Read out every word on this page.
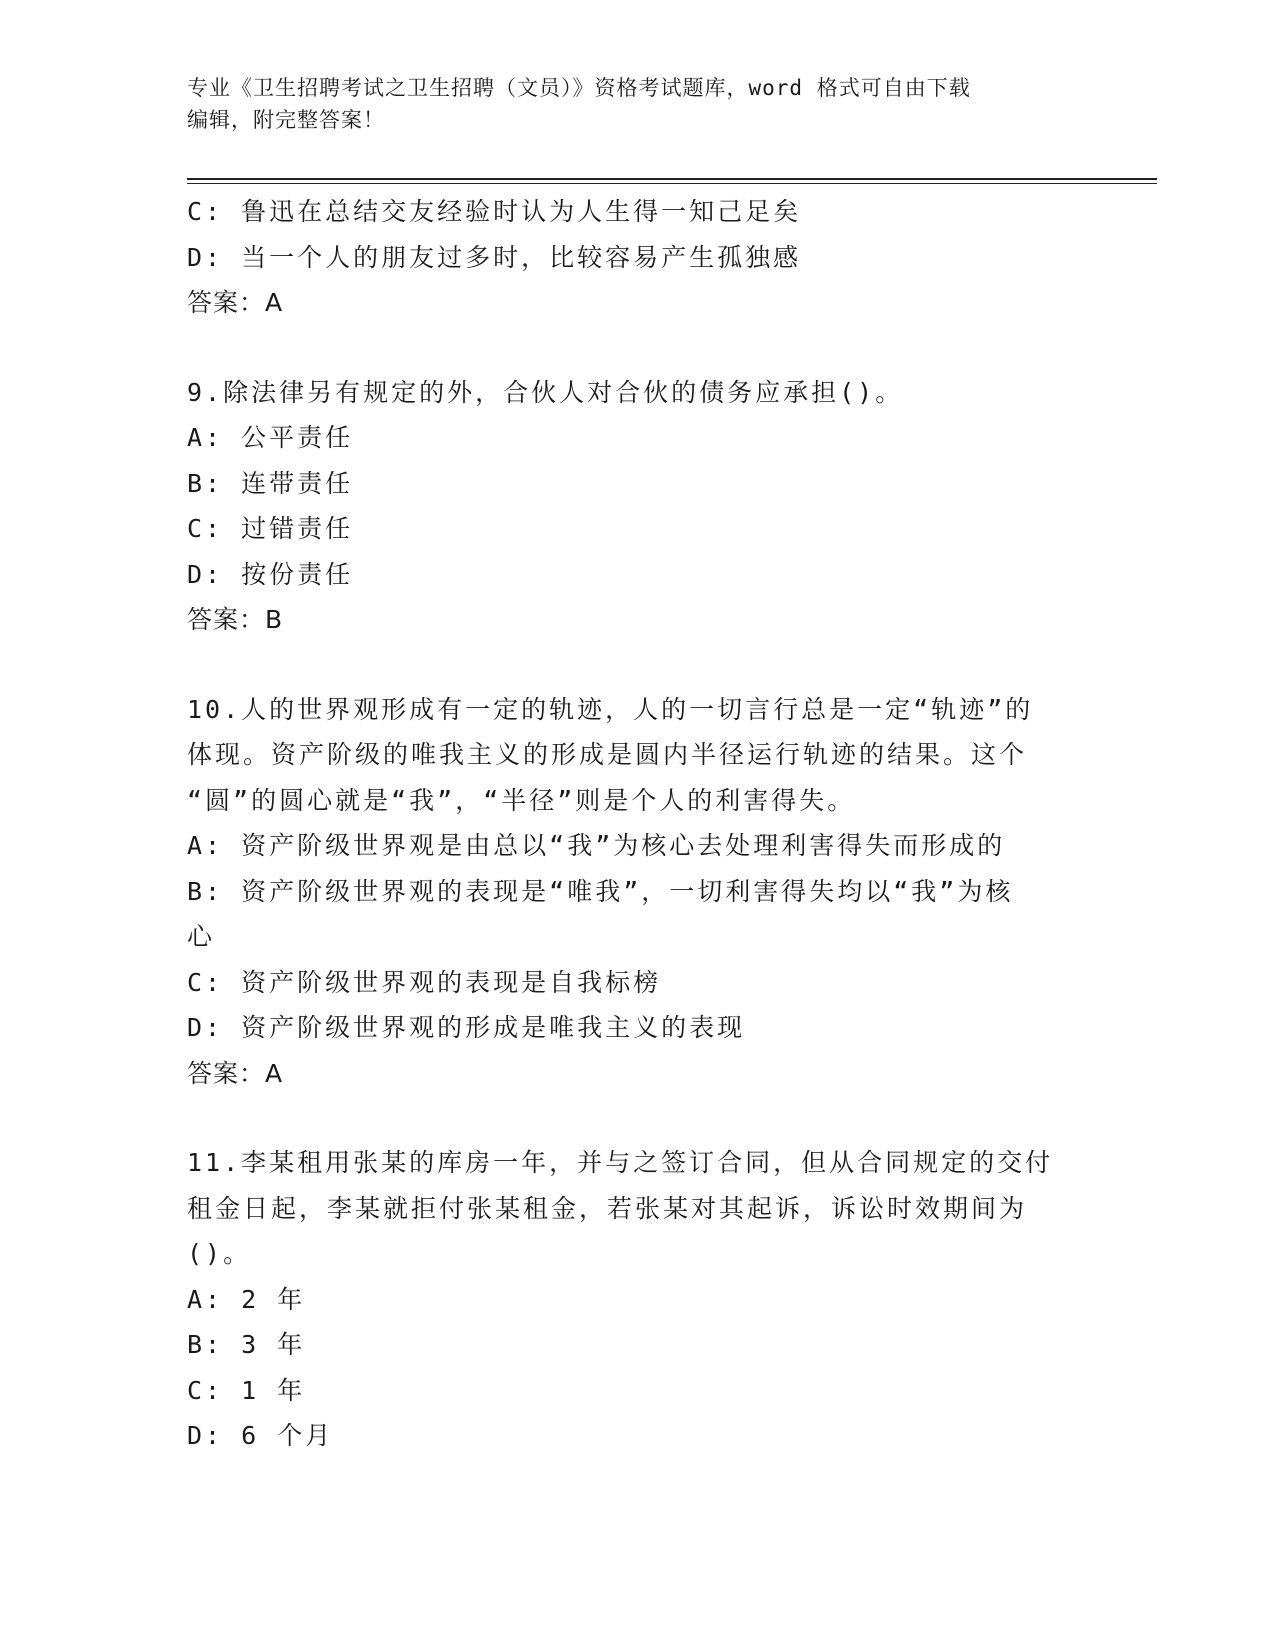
专业《卫生招聘考试之卫生招聘（文员）》资格考试题库，word 格式可自由下载
编辑，附完整答案！
C: 鲁迅在总结交友经验时认为人生得一知己足矣
D: 当一个人的朋友过多时，比较容易产生孤独感
答案：A
9.除法律另有规定的外，合伙人对合伙的债务应承担()。
A: 公平责任
B: 连带责任
C: 过错责任
D: 按份责任
答案：B
10.人的世界观形成有一定的轨迹，人的一切言行总是一定“轨迹”的
体现。资产阶级的唯我主义的形成是圆内半径运行轨迹的结果。这个
“圆”的圆心就是“我”，“半径”则是个人的利害得失。
A: 资产阶级世界观是由总以“我”为核心去处理利害得失而形成的
B: 资产阶级世界观的表现是“唯我”，一切利害得失均以“我”为核
心
C: 资产阶级世界观的表现是自我标榜
D: 资产阶级世界观的形成是唯我主义的表现
答案：A
11.李某租用张某的库房一年，并与之签订合同，但从合同规定的交付
租金日起，李某就拒付张某租金，若张某对其起诉，诉讼时效期间为
()。
A: 2 年
B: 3 年
C: 1 年
D: 6 个月
